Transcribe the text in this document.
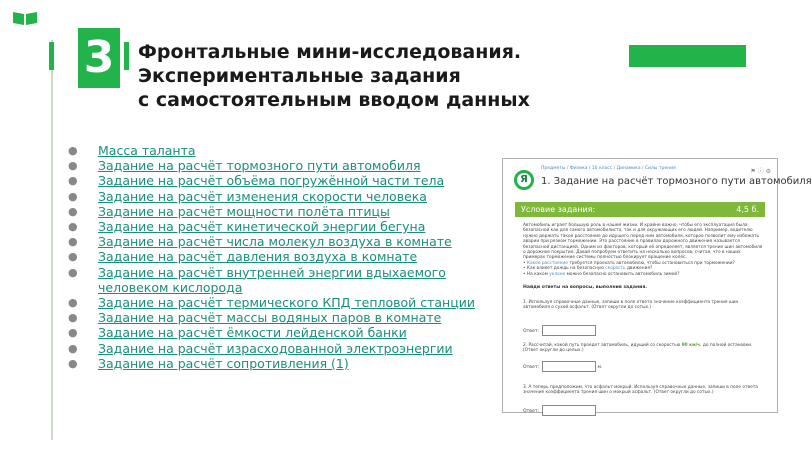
3 Фронтальные мини-исследования.
Экспериментальные задания
с самостоятельным вводом данных
● Масса таланта
● Задание на расчёт тормозного пути автомобиля
● Задание на расчёт объёма погружённой части тела
● Задание на расчёт изменения скорости человека
● Задание на расчёт мощности полёта птицы
● Задание на расчёт кинетической энергии бегуна
● Задание на расчёт числа молекул воздуха в комнате
● Задание на расчёт давления воздуха в комнате
● Задание на расчёт внутренней энергии вдыхаемого человеком кислорода
● Задание на расчёт термического КПД тепловой станции
● Задание на расчёт массы водяных паров в комнате
● Задание на расчёт ёмкости лейденской банки
● Задание на расчёт израсходованной электроэнергии
● Задание на расчёт сопротивления (1)
Предметы / Физика / 10 класс / Динамика / Силы трения
Я	1. Задание на расчёт тормозного пути автомобиля
⚑ ⓘ ⚙
Условие задания:	4,5 б.
Автомобиль играет большую роль в нашей жизни. И крайне важно, чтобы его эксплуатация была безопасной как для самого автомобилиста, так и для окружающих его людей. Например, водителю нужно держать такое расстояние до идущего перед ним автомобиля, которое позволит ему избежать аварии при резком торможении. Это расстояние в правилах дорожного движения называется безопасной дистанцией. Одним из факторов, который её определяет, является трение шин автомобиля о дорожное покрытие. Давай попробуем ответить на несколько вопросов, считая, что в наших примерах торможение системы полностью блокирует вращение колёс.
• Какое расстояние требуется проехать автомобилю, чтобы остановиться при торможении?
• Как влияет дождь на безопасную скорость движения?
• На каком уклоне можно безопасно остановить автомобиль зимой?
Найди ответы на вопросы, выполнив задания.
1. Используя справочные данные, запиши в поле ответа значение коэффициента трения шин автомобиля о сухой асфальт. (Ответ округли до сотых.)
Ответ:
2. Рассчитай, какой путь проедет автомобиль, идущий со скоростью 90 км/ч, до полной остановки. (Ответ округли до целых.)
Ответ:	м.
3. А теперь предположим, что асфальт мокрый. Используя справочные данные, запиши в поле ответа значение коэффициента трения шин о мокрый асфальт. (Ответ округли до сотых.)
Ответ:
